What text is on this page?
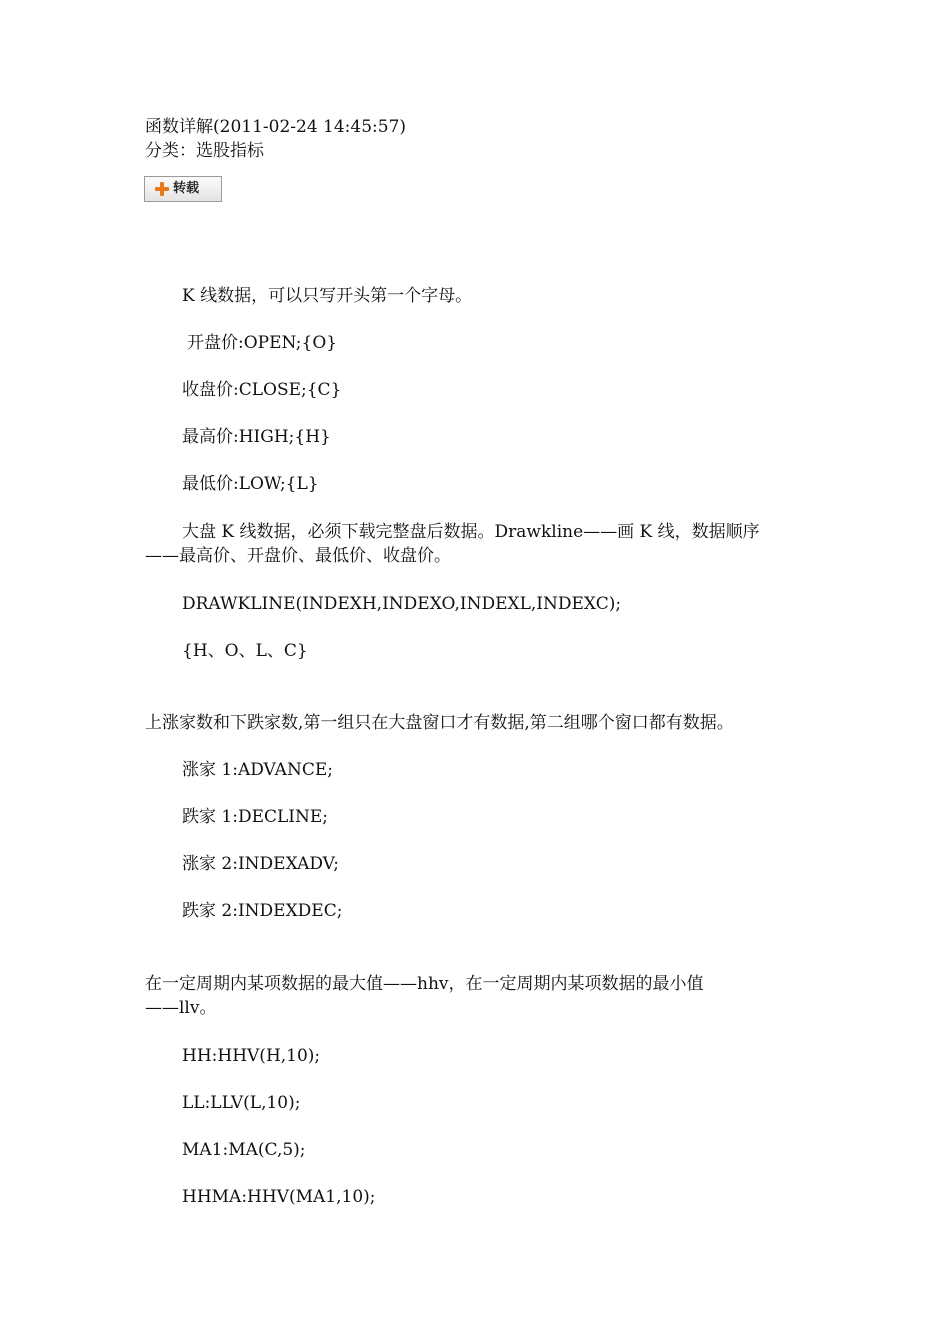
函数详解(2011-02-24 14:45:57)
分类：选股指标
转载
K 线数据，可以只写开头第一个字母。
开盘价:OPEN;{O}
收盘价:CLOSE;{C}
最高价:HIGH;{H}
最低价:LOW;{L}
大盘 K 线数据，必须下载完整盘后数据。Drawkline——画 K 线，数据顺序
——最高价、开盘价、最低价、收盘价。
DRAWKLINE(INDEXH,INDEXO,INDEXL,INDEXC);
{H、O、L、C}
上涨家数和下跌家数,第一组只在大盘窗口才有数据,第二组哪个窗口都有数据。
涨家 1:ADVANCE;
跌家 1:DECLINE;
涨家 2:INDEXADV;
跌家 2:INDEXDEC;
在一定周期内某项数据的最大值——hhv，在一定周期内某项数据的最小值
——llv。
HH:HHV(H,10);
LL:LLV(L,10);
MA1:MA(C,5);
HHMA:HHV(MA1,10);
